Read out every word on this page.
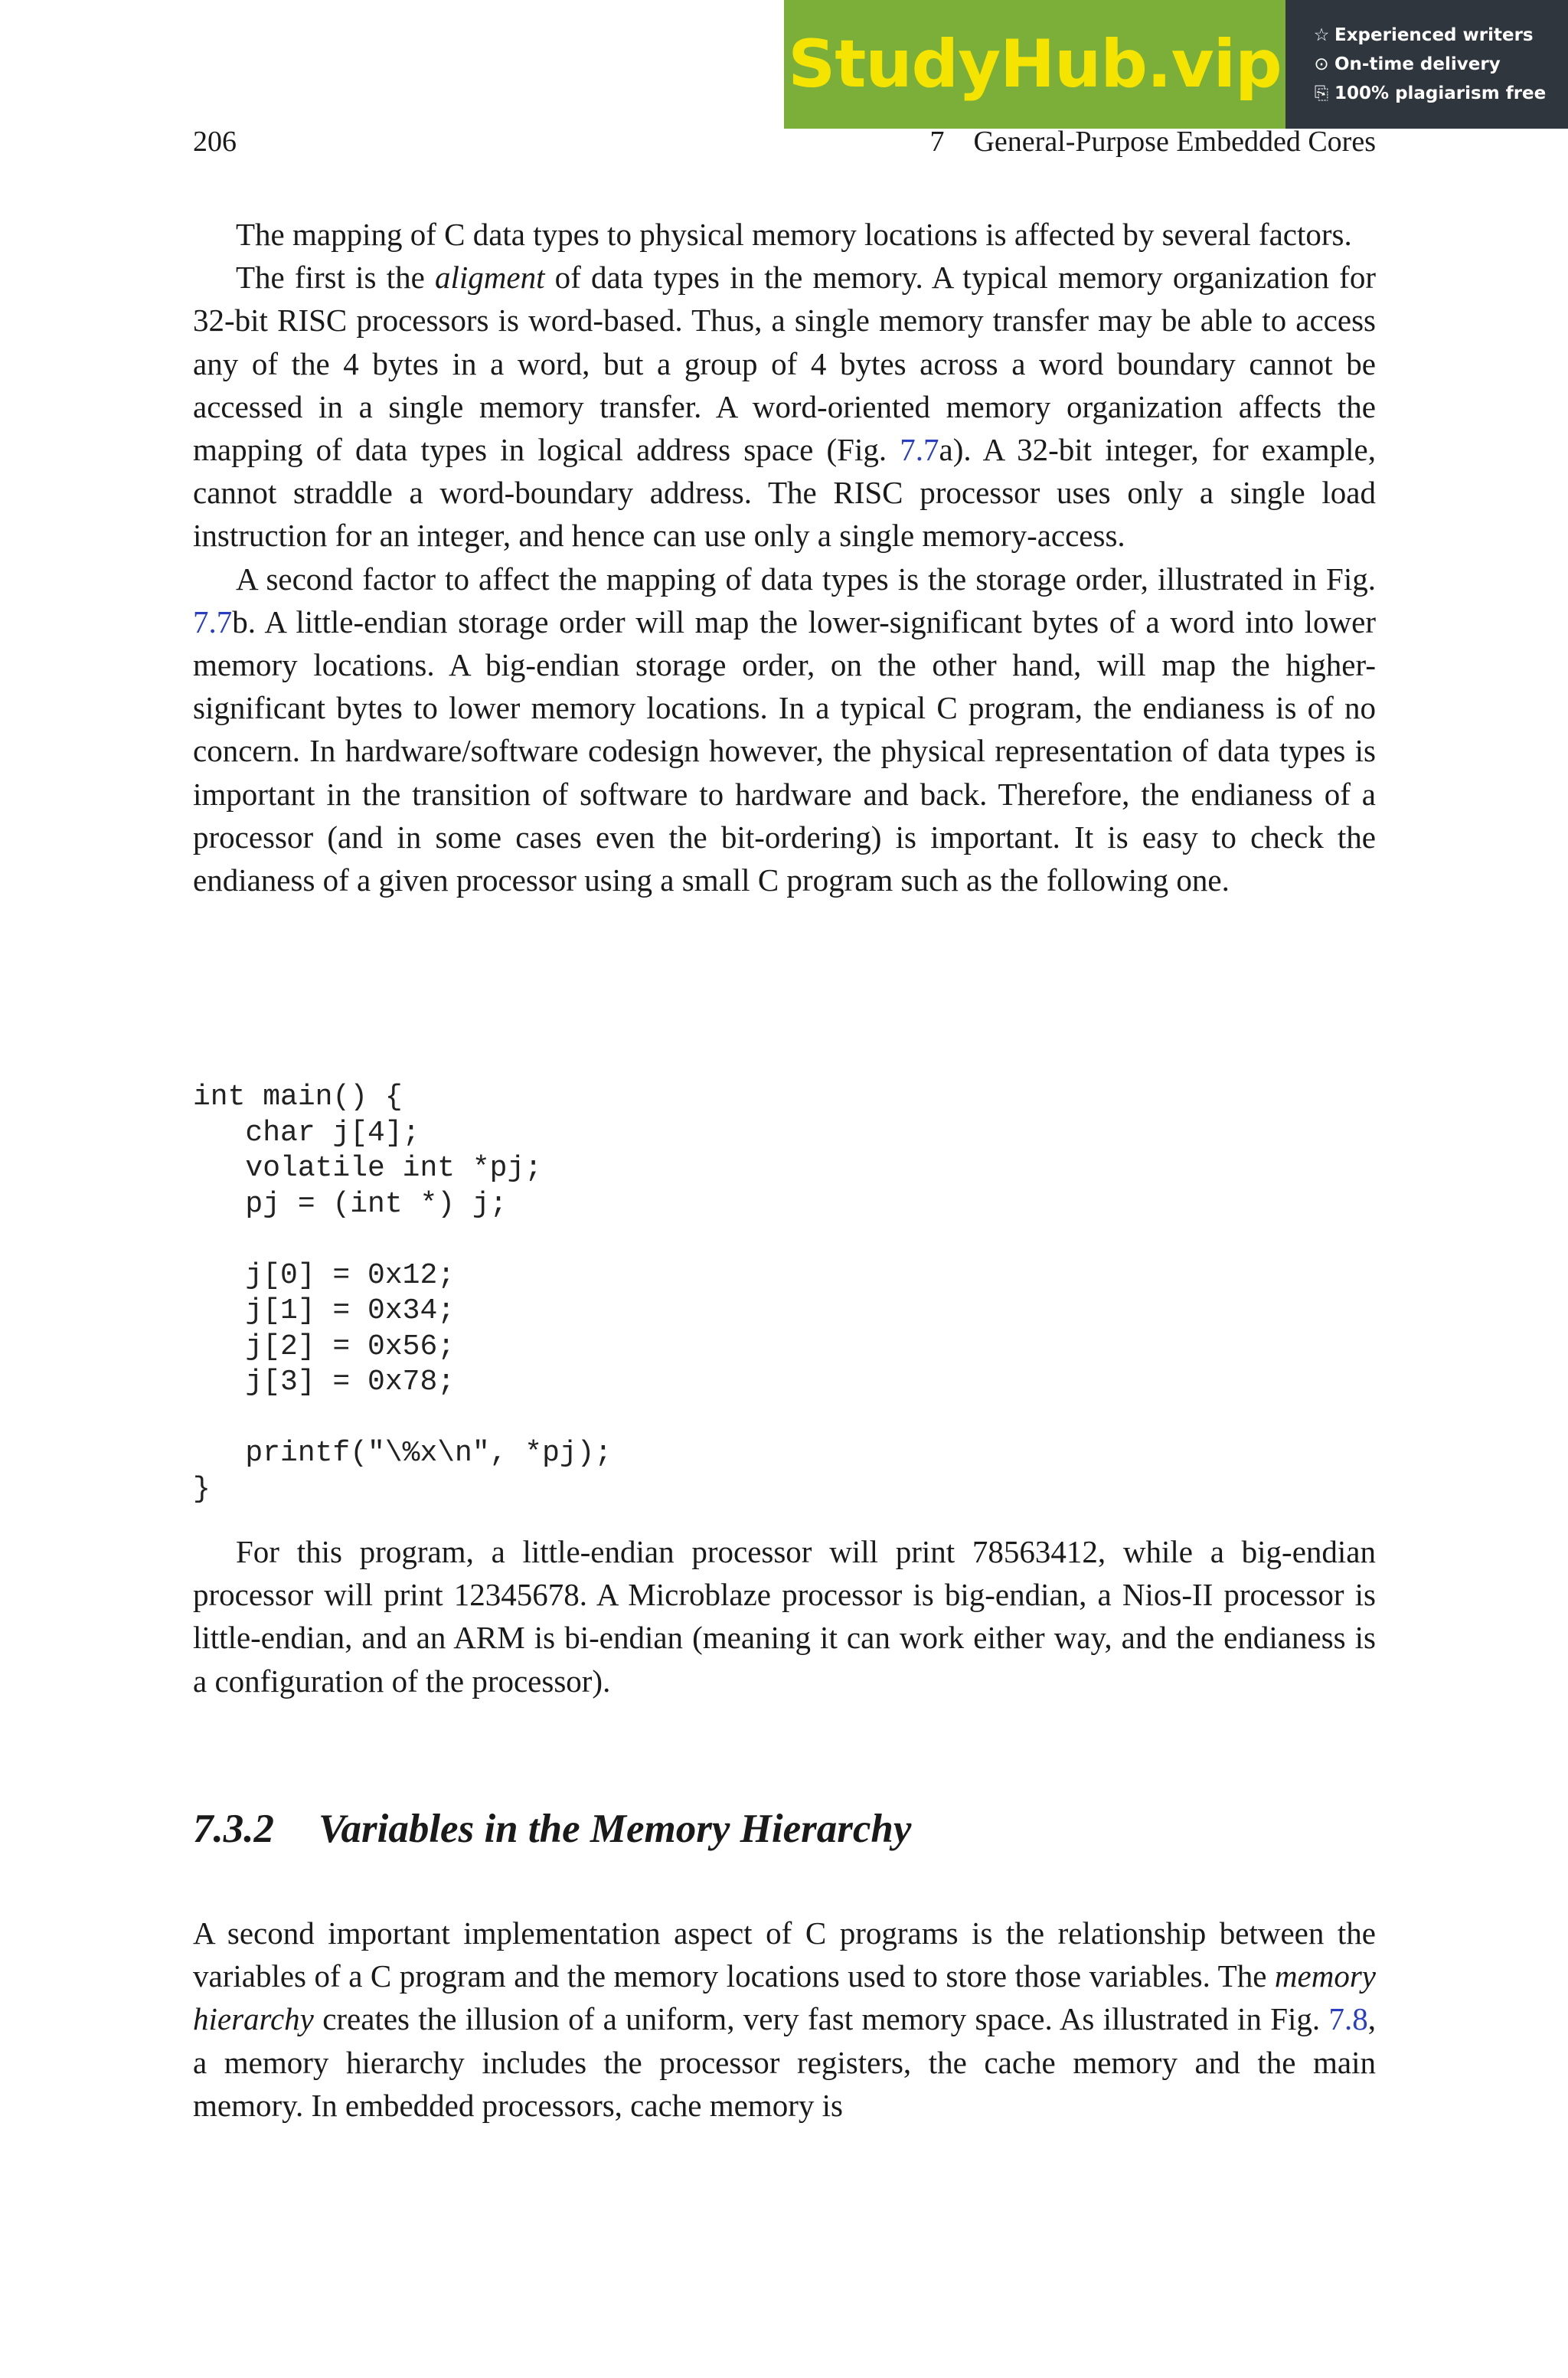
StudyHub.vip ☆ Experienced writers
⊙ On-time delivery
⎘ 100% plagiarism free
206	7    General-Purpose Embedded Cores

The mapping of C data types to physical memory locations is affected by several factors.

The first is the aligment of data types in the memory. A typical memory organization for 32-bit RISC processors is word-based. Thus, a single memory transfer may be able to access any of the 4 bytes in a word, but a group of 4 bytes across a word boundary cannot be accessed in a single memory transfer. A word-oriented memory organization affects the mapping of data types in logical address space (Fig. 7.7a). A 32-bit integer, for example, cannot straddle a word-boundary address. The RISC processor uses only a single load instruction for an integer, and hence can use only a single memory-access.

A second factor to affect the mapping of data types is the storage order, illustrated in Fig. 7.7b. A little-endian storage order will map the lower-significant bytes of a word into lower memory locations. A big-endian storage order, on the other hand, will map the higher-significant bytes to lower memory locations. In a typical C program, the endianess is of no concern. In hardware/software codesign however, the physical representation of data types is important in the transition of software to hardware and back. Therefore, the endianess of a processor (and in some cases even the bit-ordering) is important. It is easy to check the endianess of a given processor using a small C program such as the following one.

int main() {
char j[4];
volatile int *pj;
pj = (int *) j;

j[0] = 0x12;
j[1] = 0x34;
j[2] = 0x56;
j[3] = 0x78;

printf("\%x\n", *pj);
}

For this program, a little-endian processor will print 78563412, while a big-endian processor will print 12345678. A Microblaze processor is big-endian, a Nios-II processor is little-endian, and an ARM is bi-endian (meaning it can work either way, and the endianess is a configuration of the processor).

7.3.2 Variables in the Memory Hierarchy

A second important implementation aspect of C programs is the relationship between the variables of a C program and the memory locations used to store those variables. The memory hierarchy creates the illusion of a uniform, very fast memory space. As illustrated in Fig. 7.8, a memory hierarchy includes the processor registers, the cache memory and the main memory. In embedded processors, cache memory is
